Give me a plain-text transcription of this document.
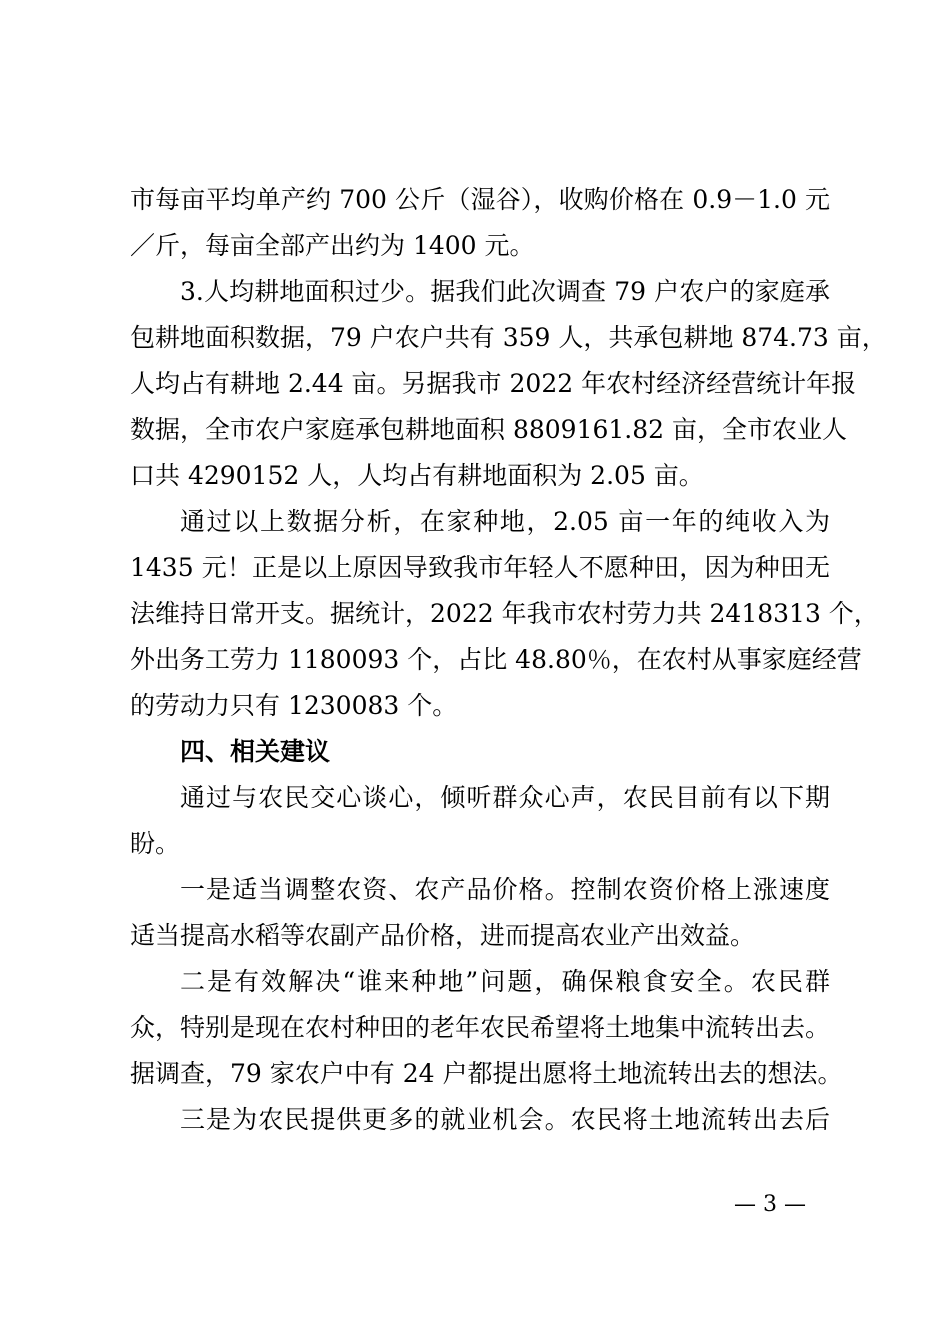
市每亩平均单产约 700 公斤（湿谷），收购价格在 0.9－1.0 元
／斤，每亩全部产出约为 1400 元。
3.人均耕地面积过少。据我们此次调查 79 户农户的家庭承
包耕地面积数据，79 户农户共有 359 人，共承包耕地 874.73 亩，
人均占有耕地 2.44 亩。另据我市 2022 年农村经济经营统计年报
数据，全市农户家庭承包耕地面积 8809161.82 亩，全市农业人
口共 4290152 人，人均占有耕地面积为 2.05 亩。
通过以上数据分析，在家种地，2.05 亩一年的纯收入为
1435 元！正是以上原因导致我市年轻人不愿种田，因为种田无
法维持日常开支。据统计，2022 年我市农村劳力共 2418313 个，
外出务工劳力 1180093 个，占比 48.80％，在农村从事家庭经营
的劳动力只有 1230083 个。
四、相关建议
通过与农民交心谈心，倾听群众心声，农民目前有以下期
盼。
一是适当调整农资、农产品价格。控制农资价格上涨速度
适当提高水稻等农副产品价格，进而提高农业产出效益。
二是有效解决“谁来种地”问题，确保粮食安全。农民群
众，特别是现在农村种田的老年农民希望将土地集中流转出去。
据调查，79 家农户中有 24 户都提出愿将土地流转出去的想法。
三是为农民提供更多的就业机会。农民将土地流转出去后
— 3 —
